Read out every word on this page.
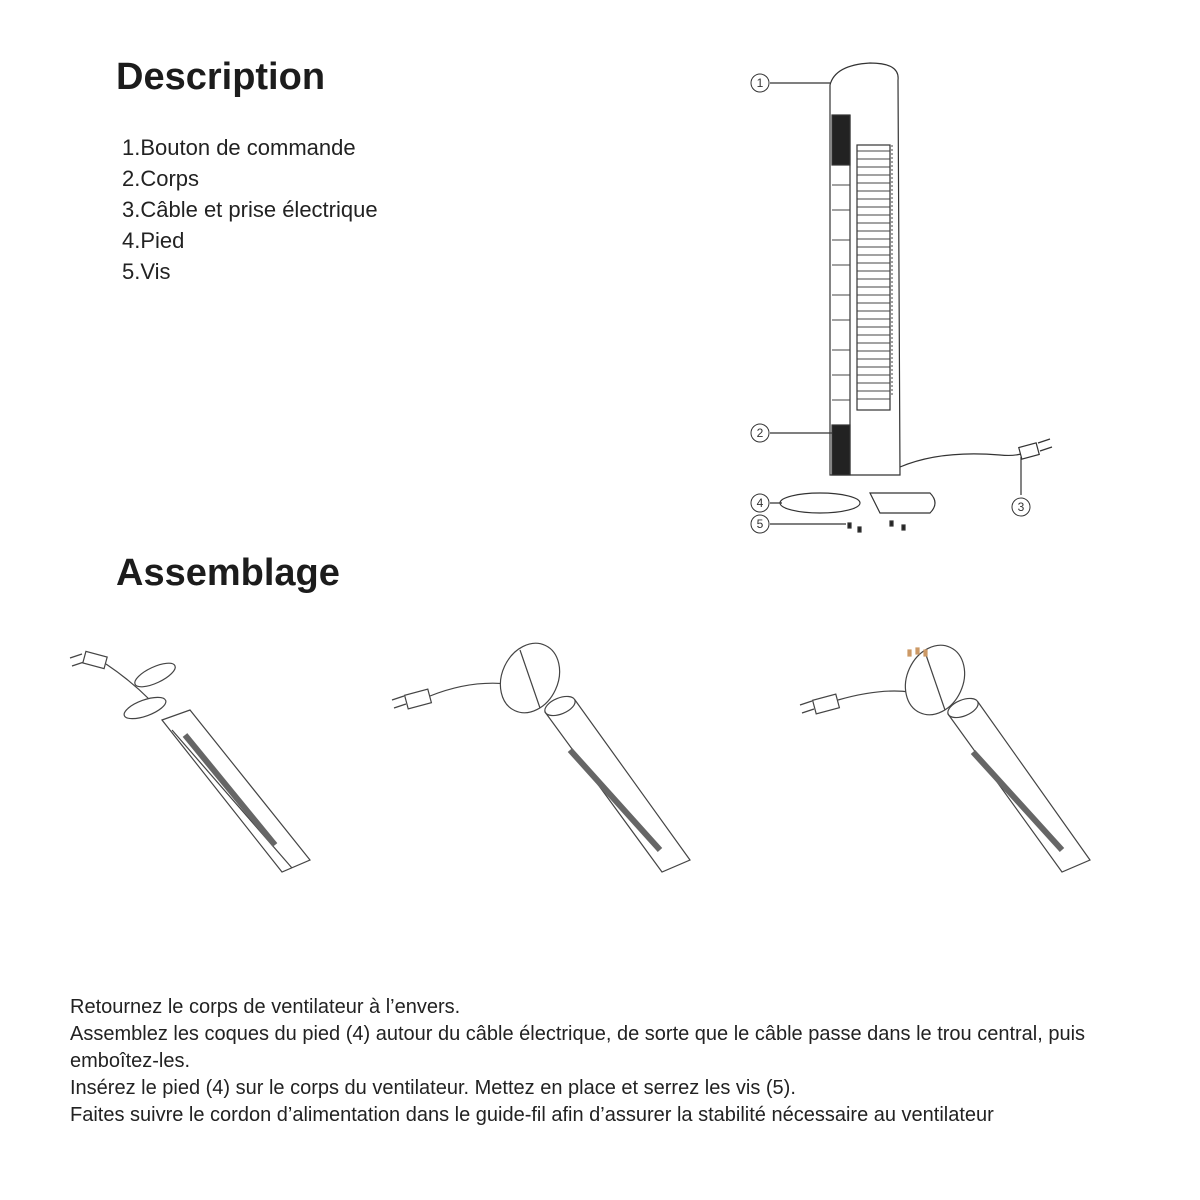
Description
1.Bouton de commande
2.Corps
3.Câble et prise électrique
4.Pied
5.Vis
1
2
3
4
5
Assemblage

Retournez le corps de ventilateur à l’envers.

Assemblez les coques du pied (4) autour du câble électrique, de sorte que le câble passe dans le trou central, puis emboîtez-les.

Insérez le pied (4) sur le corps du ventilateur. Mettez en place et serrez les vis (5).

Faites suivre le cordon d’alimentation dans le guide-fil afin d’assurer la stabilité nécessaire au ventilateur
